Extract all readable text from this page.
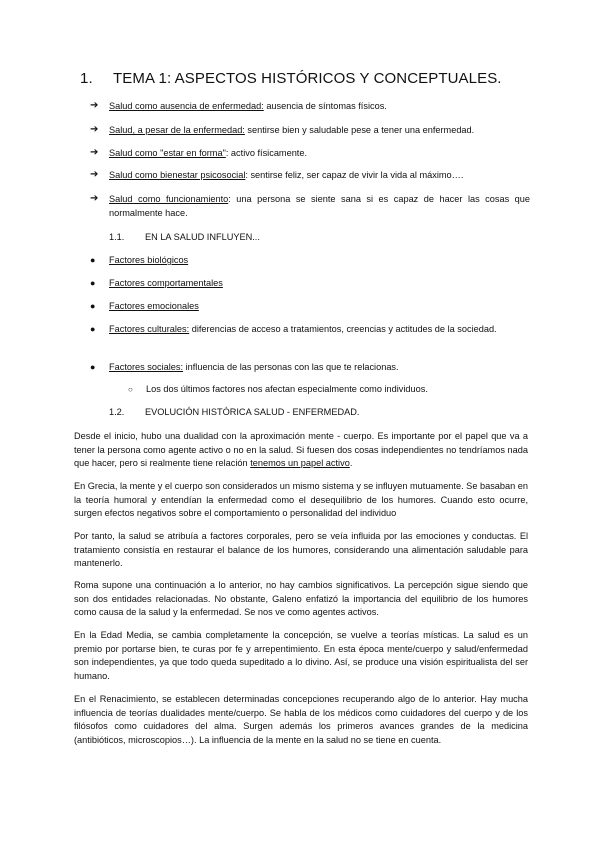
1. TEMA 1: ASPECTOS HISTÓRICOS Y CONCEPTUALES.
➔ Salud como ausencia de enfermedad: ausencia de síntomas físicos.
➔ Salud, a pesar de la enfermedad: sentirse bien y saludable pese a tener una enfermedad.
➔ Salud como "estar en forma": activo físicamente.
➔ Salud como bienestar psicosocial: sentirse feliz, ser capaz de vivir la vida al máximo….
➔ Salud como funcionamiento: una persona se siente sana si es capaz de hacer las cosas que normalmente hace.
1.1. EN LA SALUD INFLUYEN...
● Factores biológicos
● Factores comportamentales
● Factores emocionales
● Factores culturales: diferencias de acceso a tratamientos, creencias y actitudes de la sociedad.
● Factores sociales: influencia de las personas con las que te relacionas.
○ Los dos últimos factores nos afectan especialmente como individuos.
1.2. EVOLUCIÓN HISTÓRICA SALUD - ENFERMEDAD.

Desde el inicio, hubo una dualidad con la aproximación mente - cuerpo. Es importante por el papel que va a tener la persona como agente activo o no en la salud. Si fuesen dos cosas independientes no tendríamos nada que hacer, pero si realmente tiene relación tenemos un papel activo.

En Grecia, la mente y el cuerpo son considerados un mismo sistema y se influyen mutuamente. Se basaban en la teoría humoral y entendían la enfermedad como el desequilibrio de los humores. Cuando esto ocurre, surgen efectos negativos sobre el comportamiento o personalidad del individuo

Por tanto, la salud se atribuía a factores corporales, pero se veía influida por las emociones y conductas. El tratamiento consistía en restaurar el balance de los humores, considerando una alimentación saludable para mantenerlo.

Roma supone una continuación a lo anterior, no hay cambios significativos. La percepción sigue siendo que son dos entidades relacionadas. No obstante, Galeno enfatizó la importancia del equilibrio de los humores como causa de la salud y la enfermedad. Se nos ve como agentes activos.

En la Edad Media, se cambia completamente la concepción, se vuelve a teorías místicas. La salud es un premio por portarse bien, te curas por fe y arrepentimiento. En esta época mente/cuerpo y salud/enfermedad son independientes, ya que todo queda supeditado a lo divino. Así, se produce una visión espiritualista del ser humano.

En el Renacimiento, se establecen determinadas concepciones recuperando algo de lo anterior. Hay mucha influencia de teorías dualidades mente/cuerpo. Se habla de los médicos como cuidadores del cuerpo y de los filósofos como cuidadores del alma. Surgen además los primeros avances grandes de la medicina (antibióticos, microscopios…). La influencia de la mente en la salud no se tiene en cuenta.
